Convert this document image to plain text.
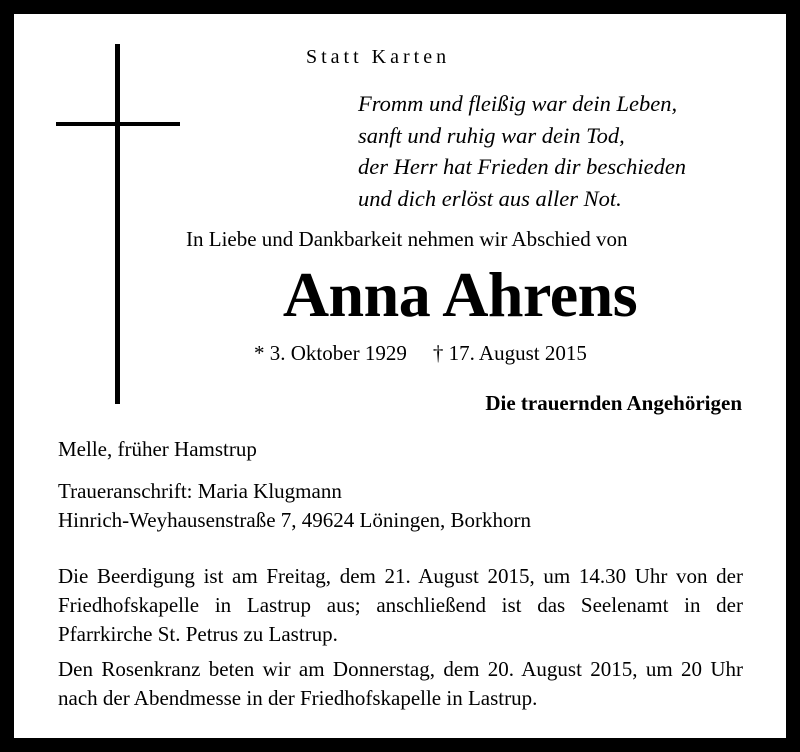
Statt Karten
Fromm und fleißig war dein Leben,
sanft und ruhig war dein Tod,
der Herr hat Frieden dir beschieden
und dich erlöst aus aller Not.
In Liebe und Dankbarkeit nehmen wir Abschied von
Anna Ahrens
* 3. Oktober 1929 † 17. August 2015
Die trauernden Angehörigen
Melle, früher Hamstrup
Traueranschrift: Maria Klugmann
Hinrich-Weyhausenstraße 7, 49624 Löningen, Borkhorn
Die Beerdigung ist am Freitag, dem 21. August 2015, um 14.30 Uhr von der Friedhofskapelle in Lastrup aus; anschließend ist das Seelenamt in der Pfarrkirche St. Petrus zu Lastrup.
Den Rosenkranz beten wir am Donnerstag, dem 20. August 2015, um 20 Uhr nach der Abendmesse in der Friedhofskapelle in Lastrup.
